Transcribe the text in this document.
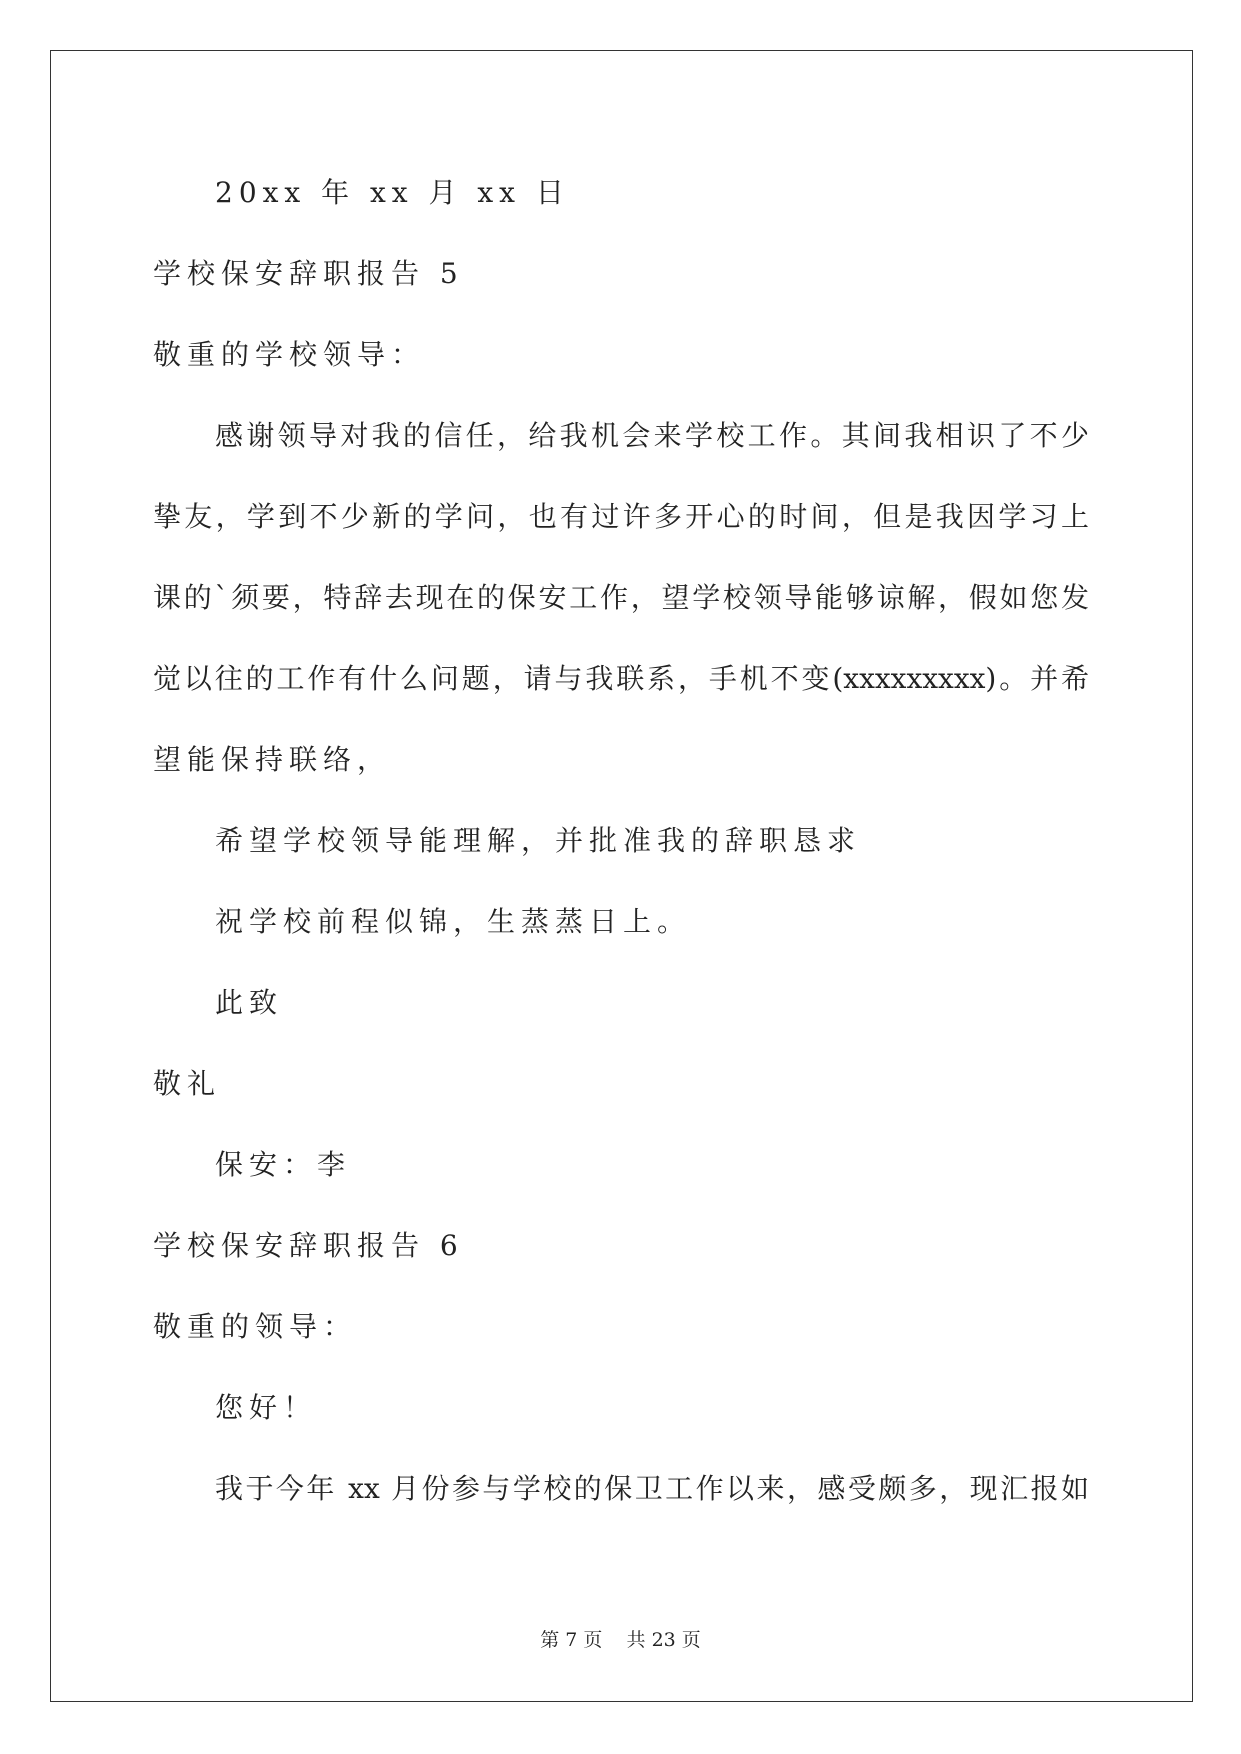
20xx 年 xx 月 xx 日
学校保安辞职报告 5
敬重的学校领导：
感谢领导对我的信任，给我机会来学校工作。其间我相识了不少
挚友，学到不少新的学问，也有过许多开心的时间，但是我因学习上
课的`须要，特辞去现在的保安工作，望学校领导能够谅解，假如您发
觉以往的工作有什么问题，请与我联系，手机不变(xxxxxxxxx)。并希
望能保持联络，
希望学校领导能理解，并批准我的辞职恳求
祝学校前程似锦，生蒸蒸日上。
此致
敬礼
保安：李
学校保安辞职报告 6
敬重的领导：
您好！
我于今年 xx 月份参与学校的保卫工作以来，感受颇多，现汇报如
第 7 页 共 23 页
